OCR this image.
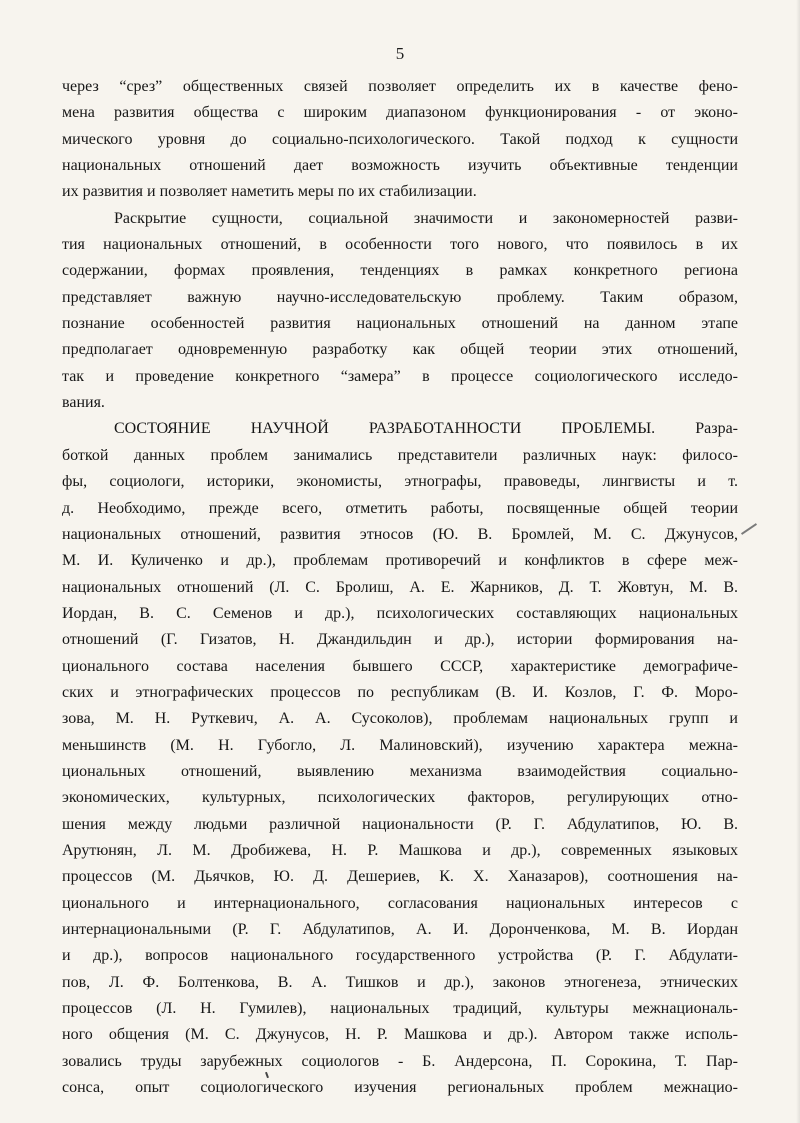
5
через “срез” общественных связей позволяет определить их в качестве фено-
мена развития общества с широким диапазоном функционирования - от эконо-
мического уровня до социально-психологического. Такой подход к сущности
национальных отношений дает возможность изучить объективные тенденции
их развития и позволяет наметить меры по их стабилизации.
Раскрытие сущности, социальной значимости и закономерностей разви-
тия национальных отношений, в особенности того нового, что появилось в их
содержании, формах проявления, тенденциях в рамках конкретного региона
представляет важную научно-исследовательскую проблему. Таким образом,
познание особенностей развития национальных отношений на данном этапе
предполагает одновременную разработку как общей теории этих отношений,
так и проведение конкретного “замера” в процессе социологического исследо-
вания.
СОСТОЯНИЕ НАУЧНОЙ РАЗРАБОТАННОСТИ ПРОБЛЕМЫ. Разра-
боткой данных проблем занимались представители различных наук: филосо-
фы, социологи, историки, экономисты, этнографы, правоведы, лингвисты и т.
д. Необходимо, прежде всего, отметить работы, посвященные общей теории
национальных отношений, развития этносов (Ю. В. Бромлей, М. С. Джунусов,
М. И. Куличенко и др.), проблемам противоречий и конфликтов в сфере меж-
национальных отношений (Л. С. Бролиш, А. Е. Жарников, Д. Т. Жовтун, М. В.
Иордан, В. С. Семенов и др.), психологических составляющих национальных
отношений (Г. Гизатов, Н. Джандильдин и др.), истории формирования на-
ционального состава населения бывшего СССР, характеристике демографиче-
ских и этнографических процессов по республикам (В. И. Козлов, Г. Ф. Моро-
зова, М. Н. Руткевич, А. А. Сусоколов), проблемам национальных групп и
меньшинств (М. Н. Губогло, Л. Малиновский), изучению характера межна-
циональных отношений, выявлению механизма взаимодействия социально-
экономических, культурных, психологических факторов, регулирующих отно-
шения между людьми различной национальности (Р. Г. Абдулатипов, Ю. В.
Арутюнян, Л. М. Дробижева, Н. Р. Машкова и др.), современных языковых
процессов (М. Дьячков, Ю. Д. Дешериев, К. Х. Ханазаров), соотношения на-
ционального и интернационального, согласования национальных интересов с
интернациональными (Р. Г. Абдулатипов, А. И. Доронченкова, М. В. Иордан
и др.), вопросов национального государственного устройства (Р. Г. Абдулати-
пов, Л. Ф. Болтенкова, В. А. Тишков и др.), законов этногенеза, этнических
процессов (Л. Н. Гумилев), национальных традиций, культуры межнациональ-
ного общения (М. С. Джунусов, Н. Р. Машкова и др.). Автором также исполь-
зовались труды зарубежных социологов - Б. Андерсона, П. Сорокина, Т. Пар-
сонса, опыт социологического изучения региональных проблем межнацио-
